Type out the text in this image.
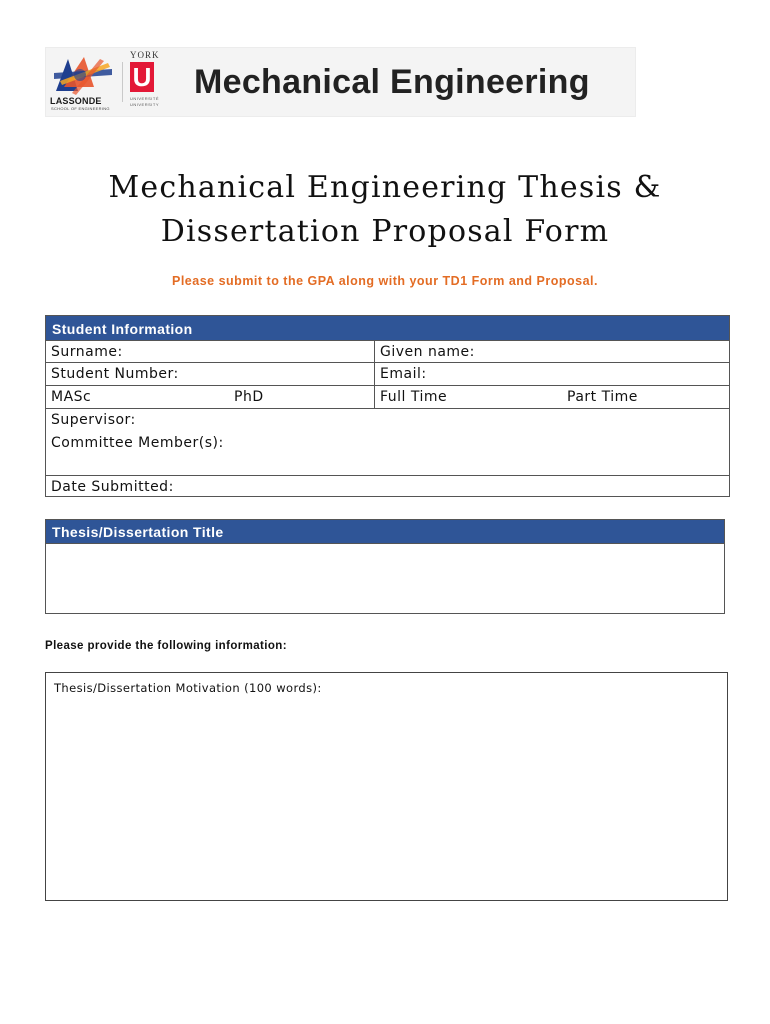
LASSONDE
SCHOOL OF ENGINEERING
YORK
U
UNIVERSITÉ
UNIVERSITY
Mechanical Engineering
Mechanical Engineering Thesis &
Dissertation Proposal Form
Please submit to the GPA along with your TD1 Form and Proposal.
Student Information
Surname:	Given name:
Student Number:	Email:
MASc	PhD	Full Time	Part Time
Supervisor:
Committee Member(s):
Date Submitted:
Thesis/Dissertation Title
Please provide the following information:
Thesis/Dissertation Motivation (100 words):
